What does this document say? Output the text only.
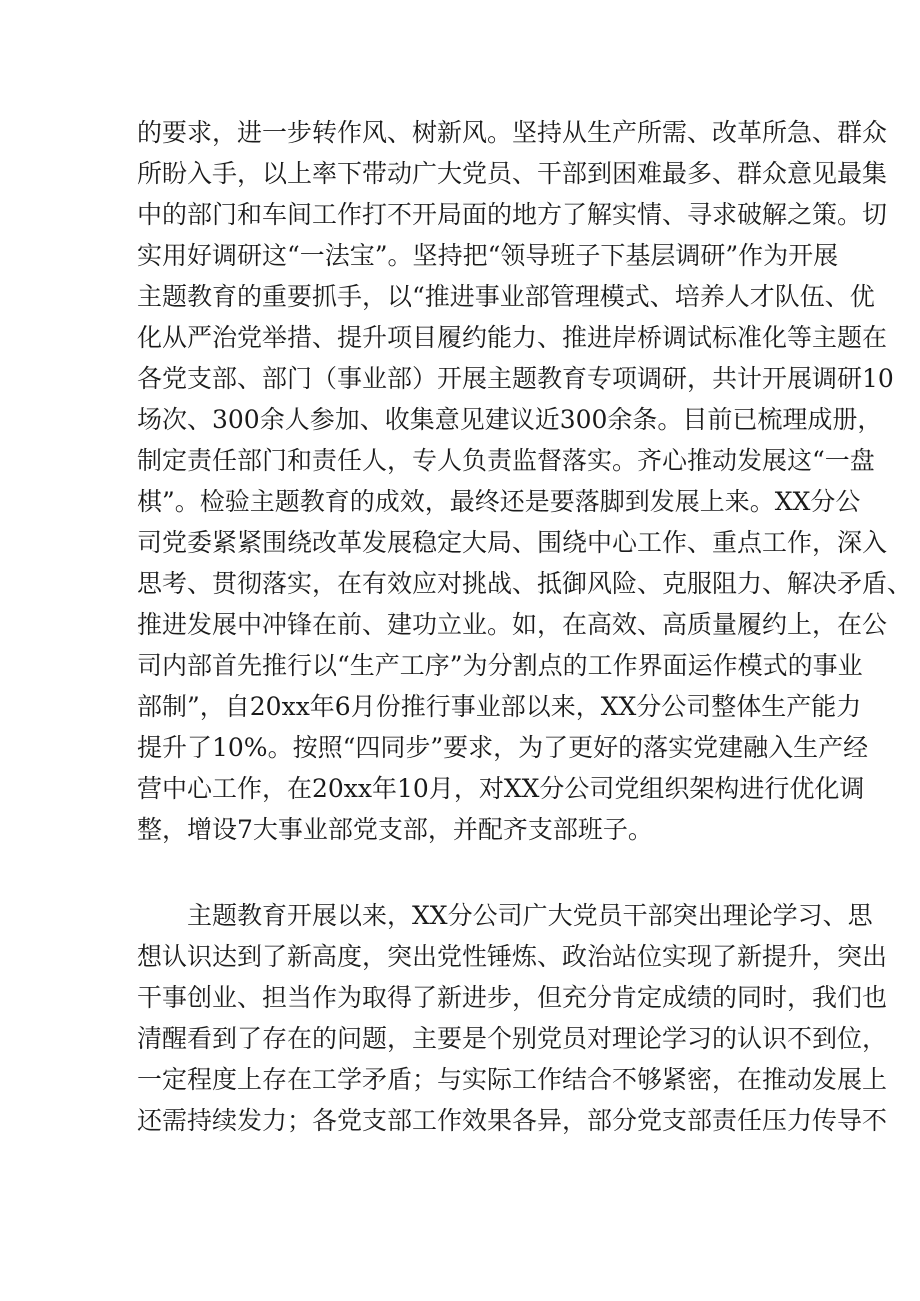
的要求，进一步转作风、树新风。坚持从生产所需、改革所急、群众
所盼入手，以上率下带动广大党员、干部到困难最多、群众意见最集
中的部门和车间工作打不开局面的地方了解实情、寻求破解之策。切
实用好调研这“一法宝”。坚持把“领导班子下基层调研”作为开展
主题教育的重要抓手，以“推进事业部管理模式、培养人才队伍、优
化从严治党举措、提升项目履约能力、推进岸桥调试标准化等主题在
各党支部、部门（事业部）开展主题教育专项调研，共计开展调研10
场次、300余人参加、收集意见建议近300余条。目前已梳理成册，
制定责任部门和责任人，专人负责监督落实。齐心推动发展这“一盘
棋”。检验主题教育的成效，最终还是要落脚到发展上来。XX分公
司党委紧紧围绕改革发展稳定大局、围绕中心工作、重点工作，深入
思考、贯彻落实，在有效应对挑战、抵御风险、克服阻力、解决矛盾、
推进发展中冲锋在前、建功立业。如，在高效、高质量履约上，在公
司内部首先推行以“生产工序”为分割点的工作界面运作模式的事业
部制”，自20xx年6月份推行事业部以来，XX分公司整体生产能力
提升了10%。按照“四同步”要求，为了更好的落实党建融入生产经
营中心工作，在20xx年10月，对XX分公司党组织架构进行优化调
整，增设7大事业部党支部，并配齐支部班子。

主题教育开展以来，XX分公司广大党员干部突出理论学习、思
想认识达到了新高度，突出党性锤炼、政治站位实现了新提升，突出
干事创业、担当作为取得了新进步，但充分肯定成绩的同时，我们也
清醒看到了存在的问题，主要是个别党员对理论学习的认识不到位，
一定程度上存在工学矛盾；与实际工作结合不够紧密，在推动发展上
还需持续发力；各党支部工作效果各异，部分党支部责任压力传导不
